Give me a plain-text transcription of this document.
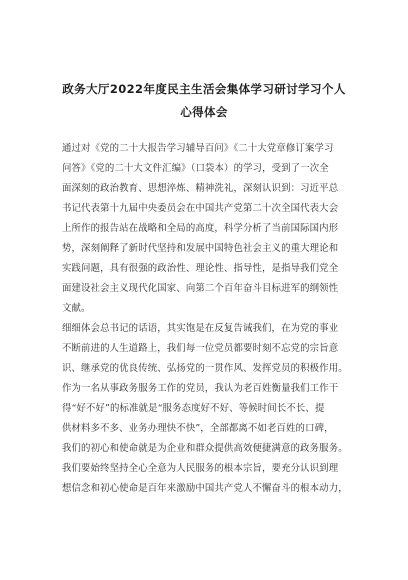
政务大厅2022年度民主生活会集体学习研讨学习个人
心得体会
通过对《党的二十大报告学习辅导百问》《二十大党章修订案学习
问答》《党的二十大文件汇编》（口袋本）的学习，受到了一次全
面深刻的政治教育、思想淬炼、精神洗礼，深刻认识到：习近平总
书记代表第十九届中央委员会在中国共产党第二十次全国代表大会
上所作的报告站在战略和全局的高度，科学分析了当前国际国内形
势，深刻阐释了新时代坚持和发展中国特色社会主义的重大理论和
实践问题，具有很强的政治性、理论性、指导性，是指导我们党全
面建设社会主义现代化国家、向第二个百年奋斗目标进军的纲领性
文献。
细细体会总书记的话语，其实饱是在反复告诫我们，在为党的事业
不断前进的人生道路上，我们每一位党员都要时刻不忘党的宗旨意
识、继承党的优良传统、弘扬党的一贯作风、发挥党员的积极作用。
作为一名从事政务服务工作的党员，我认为老百姓衡量我们工作干
得“好不好”的标准就是“服务态度好不好、等候时间长不长、提
供材料多不多、业务办理快不快”，全部都离不如老百姓的口碑，
我们的初心和使命就是为企业和群众提供高效便捷满意的政务服务。
我们要始终坚持全心全意为人民服务的根本宗旨，要充分认识到理
想信念和初心使命是百年来激励中国共产党人不懈奋斗的根本动力，
